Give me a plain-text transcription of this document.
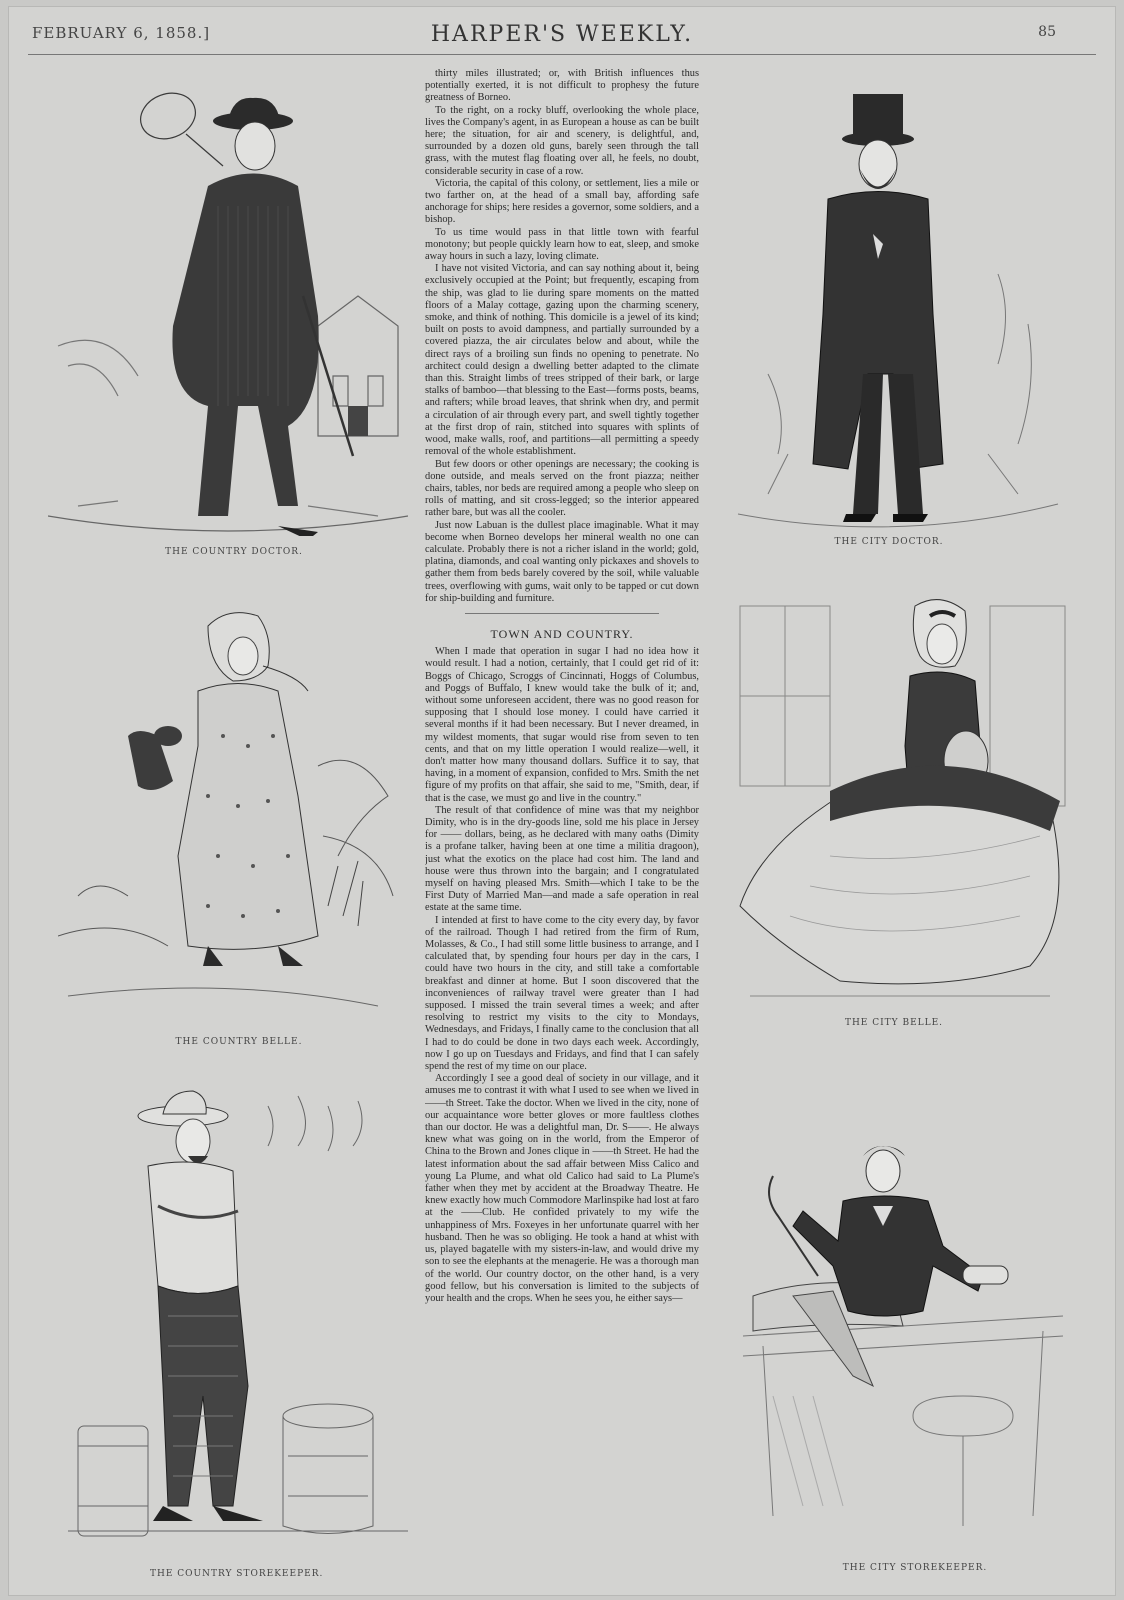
FEBRUARY 6, 1858.]	HARPER'S WEEKLY.	85
THE COUNTRY DOCTOR.
THE COUNTRY BELLE.
THE COUNTRY STOREKEEPER.

thirty miles illustrated; or, with British influences thus potentially exerted, it is not difficult to prophesy the future greatness of Borneo.

To the right, on a rocky bluff, overlooking the whole place, lives the Company's agent, in as European a house as can be built here; the situation, for air and scenery, is delightful, and, surrounded by a dozen old guns, barely seen through the tall grass, with the mutest flag floating over all, he feels, no doubt, considerable security in case of a row.

Victoria, the capital of this colony, or settlement, lies a mile or two farther on, at the head of a small bay, affording safe anchorage for ships; here resides a governor, some soldiers, and a bishop.

To us time would pass in that little town with fearful monotony; but people quickly learn how to eat, sleep, and smoke away hours in such a lazy, loving climate.

I have not visited Victoria, and can say nothing about it, being exclusively occupied at the Point; but frequently, escaping from the ship, was glad to lie during spare moments on the matted floors of a Malay cottage, gazing upon the charming scenery, smoke, and think of nothing. This domicile is a jewel of its kind; built on posts to avoid dampness, and partially surrounded by a covered piazza, the air circulates below and about, while the direct rays of a broiling sun finds no opening to penetrate. No architect could design a dwelling better adapted to the climate than this. Straight limbs of trees stripped of their bark, or large stalks of bamboo—that blessing to the East—forms posts, beams, and rafters; while broad leaves, that shrink when dry, and permit a circulation of air through every part, and swell tightly together at the first drop of rain, stitched into squares with splints of wood, make walls, roof, and partitions—all permitting a speedy removal of the whole establishment.

But few doors or other openings are necessary; the cooking is done outside, and meals served on the front piazza; neither chairs, tables, nor beds are required among a people who sleep on rolls of matting, and sit cross-legged; so the interior appeared rather bare, but was all the cooler.

Just now Labuan is the dullest place imaginable. What it may become when Borneo develops her mineral wealth no one can calculate. Probably there is not a richer island in the world; gold, platina, diamonds, and coal wanting only pickaxes and shovels to gather them from beds barely covered by the soil, while valuable trees, overflowing with gums, wait only to be tapped or cut down for ship-building and furniture.

TOWN AND COUNTRY.

When I made that operation in sugar I had no idea how it would result. I had a notion, certainly, that I could get rid of it: Boggs of Chicago, Scroggs of Cincinnati, Hoggs of Columbus, and Poggs of Buffalo, I knew would take the bulk of it; and, without some unforeseen accident, there was no good reason for supposing that I should lose money. I could have carried it several months if it had been necessary. But I never dreamed, in my wildest moments, that sugar would rise from seven to ten cents, and that on my little operation I would realize—well, it don't matter how many thousand dollars. Suffice it to say, that having, in a moment of expansion, confided to Mrs. Smith the net figure of my profits on that affair, she said to me, "Smith, dear, if that is the case, we must go and live in the country."

The result of that confidence of mine was that my neighbor Dimity, who is in the dry-goods line, sold me his place in Jersey for —— dollars, being, as he declared with many oaths (Dimity is a profane talker, having been at one time a militia dragoon), just what the exotics on the place had cost him. The land and house were thus thrown into the bargain; and I congratulated myself on having pleased Mrs. Smith—which I take to be the First Duty of Married Man—and made a safe operation in real estate at the same time.

I intended at first to have come to the city every day, by favor of the railroad. Though I had retired from the firm of Rum, Molasses, & Co., I had still some little business to arrange, and I calculated that, by spending four hours per day in the cars, I could have two hours in the city, and still take a comfortable breakfast and dinner at home. But I soon discovered that the inconveniences of railway travel were greater than I had supposed. I missed the train several times a week; and after resolving to restrict my visits to the city to Mondays, Wednesdays, and Fridays, I finally came to the conclusion that all I had to do could be done in two days each week. Accordingly, now I go up on Tuesdays and Fridays, and find that I can safely spend the rest of my time on our place.

Accordingly I see a good deal of society in our village, and it amuses me to contrast it with what I used to see when we lived in ——th Street. Take the doctor. When we lived in the city, none of our acquaintance wore better gloves or more faultless clothes than our doctor. He was a delightful man, Dr. S——. He always knew what was going on in the world, from the Emperor of China to the Brown and Jones clique in ——th Street. He had the latest information about the sad affair between Miss Calico and young La Plume, and what old Calico had said to La Plume's father when they met by accident at the Broadway Theatre. He knew exactly how much Commodore Marlinspike had lost at faro at the ——Club. He confided privately to my wife the unhappiness of Mrs. Foxeyes in her unfortunate quarrel with her husband. Then he was so obliging. He took a hand at whist with us, played bagatelle with my sisters-in-law, and would drive my son to see the elephants at the menagerie. He was a thorough man of the world. Our country doctor, on the other hand, is a very good fellow, but his conversation is limited to the subjects of your health and the crops. When he sees you, he either says—

THE CITY DOCTOR.
THE CITY BELLE.
THE CITY STOREKEEPER.
